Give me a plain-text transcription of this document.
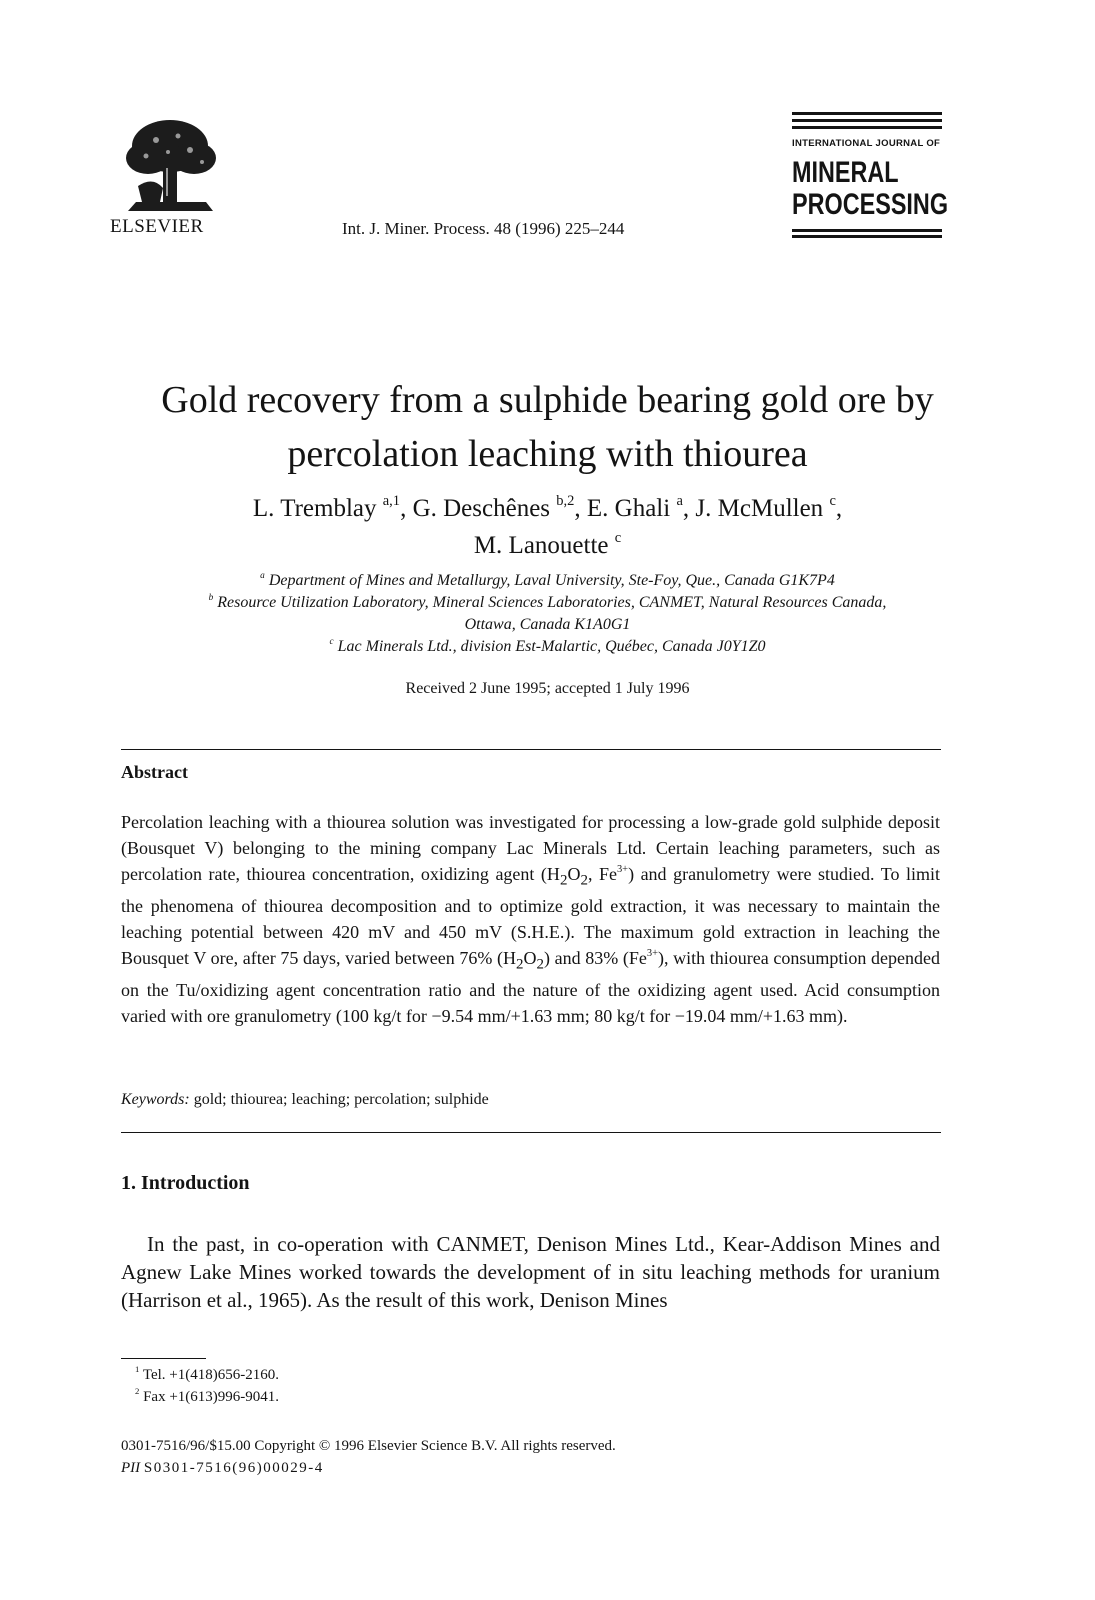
ELSEVIER	Int. J. Miner. Process. 48 (1996) 225–244
INTERNATIONAL JOURNAL OF
MINERAL
PROCESSING
Gold recovery from a sulphide bearing gold ore by
percolation leaching with thiourea
L. Tremblay $^{a,1}$, G. Deschênes $^{b,2}$, E. Ghali $^a$, J. McMullen $^c$,
M. Lanouette $^c$
$^a$ Department of Mines and Metallurgy, Laval University, Ste-Foy, Que., Canada G1K7P4
$^b$ Resource Utilization Laboratory, Mineral Sciences Laboratories, CANMET, Natural Resources Canada,
Ottawa, Canada K1A0G1
$^c$ Lac Minerals Ltd., division Est-Malartic, Québec, Canada J0Y1Z0
Received 2 June 1995; accepted 1 July 1996
Abstract
Percolation leaching with a thiourea solution was investigated for processing a low-grade gold sulphide deposit (Bousquet V) belonging to the mining company Lac Minerals Ltd. Certain leaching parameters, such as percolation rate, thiourea concentration, oxidizing agent ($H_2O_2$, $Fe^{3+}$) and granulometry were studied. To limit the phenomena of thiourea decomposition and to optimize gold extraction, it was necessary to maintain the leaching potential between 420 mV and 450 mV (S.H.E.). The maximum gold extraction in leaching the Bousquet V ore, after 75 days, varied between 76% $(H_2O_2)$ and 83% $(Fe^{3+})$, with thiourea consumption depended on the Tu/oxidizing agent concentration ratio and the nature of the oxidizing agent used. Acid consumption varied with ore granulometry (100 kg/t for −9.54 mm/+1.63 mm; 80 kg/t for −19.04 mm/+1.63 mm).
Keywords: gold; thiourea; leaching; percolation; sulphide
1. Introduction
In the past, in co-operation with CANMET, Denison Mines Ltd., Kear-Addison Mines and Agnew Lake Mines worked towards the development of in situ leaching methods for uranium (Harrison et al., 1965). As the result of this work, Denison Mines
$^1$ Tel. +1(418)656-2160.
$^2$ Fax +1(613)996-9041.
0301-7516/96/$15.00 Copyright © 1996 Elsevier Science B.V. All rights reserved.
PII S0301-7516(96)00029-4
